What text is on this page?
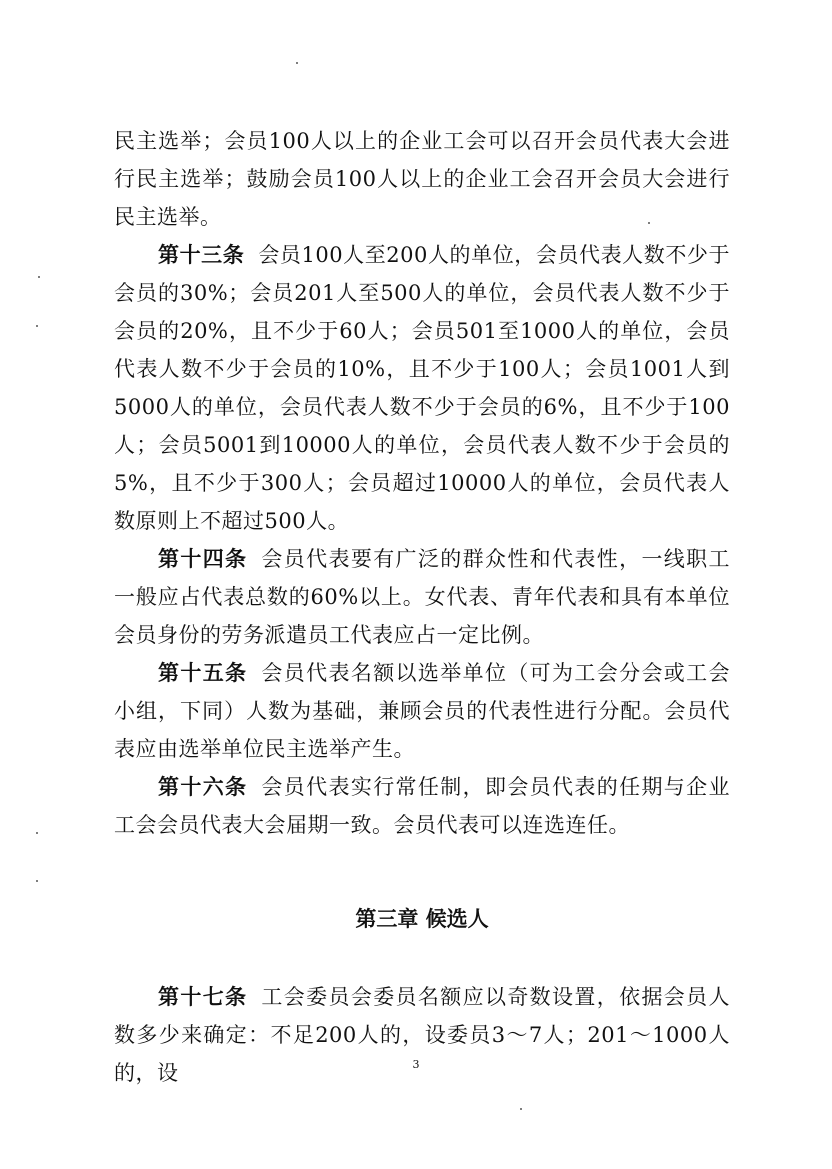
民主选举；会员100人以上的企业工会可以召开会员代表大会进行民主选举；鼓励会员100人以上的企业工会召开会员大会进行民主选举。

第十三条 会员100人至200人的单位，会员代表人数不少于会员的30%；会员201人至500人的单位，会员代表人数不少于会员的20%，且不少于60人；会员501至1000人的单位，会员代表人数不少于会员的10%，且不少于100人；会员1001人到5000人的单位，会员代表人数不少于会员的6%，且不少于100人；会员5001到10000人的单位，会员代表人数不少于会员的5%，且不少于300人；会员超过10000人的单位，会员代表人数原则上不超过500人。

第十四条 会员代表要有广泛的群众性和代表性，一线职工一般应占代表总数的60%以上。女代表、青年代表和具有本单位会员身份的劳务派遣员工代表应占一定比例。

第十五条 会员代表名额以选举单位（可为工会分会或工会小组，下同）人数为基础，兼顾会员的代表性进行分配。会员代表应由选举单位民主选举产生。

第十六条 会员代表实行常任制，即会员代表的任期与企业工会会员代表大会届期一致。会员代表可以连选连任。

第三章 候选人

第十七条 工会委员会委员名额应以奇数设置，依据会员人数多少来确定：不足200人的，设委员3～7人；201～1000人的，设	3
